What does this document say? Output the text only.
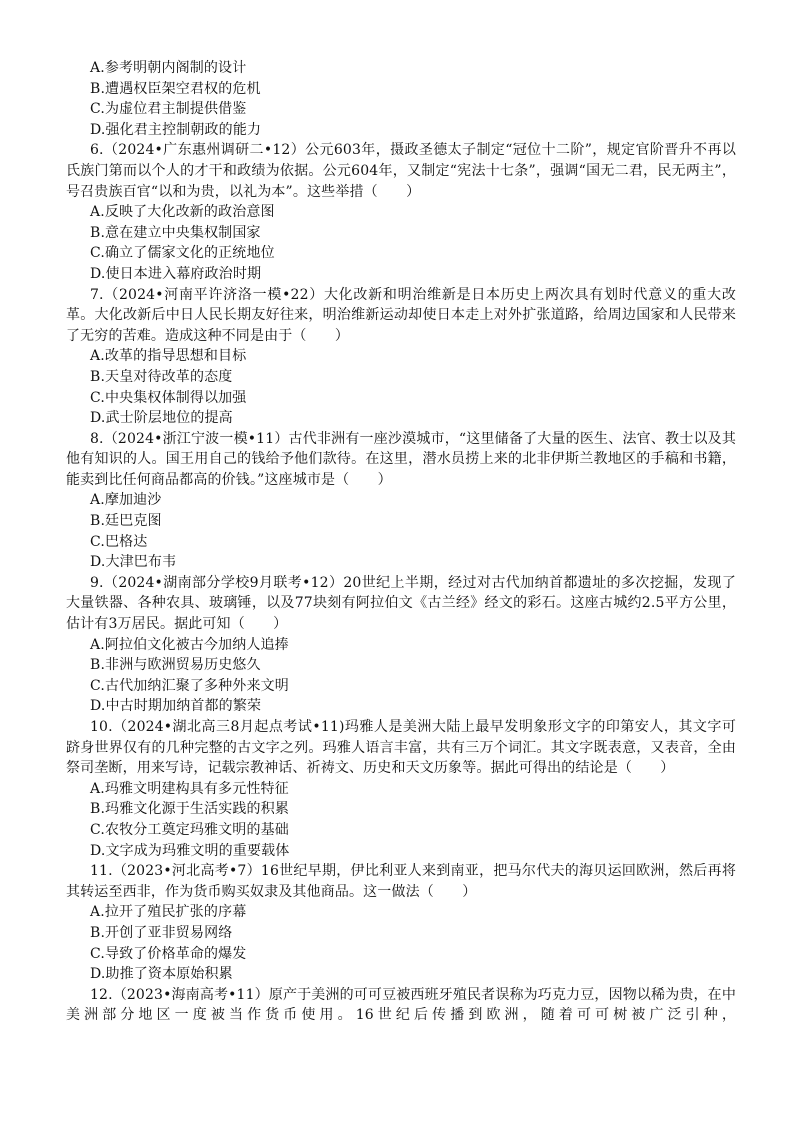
A.参考明朝内阁制的设计
B.遭遇权臣架空君权的危机
C.为虚位君主制提供借鉴
D.强化君主控制朝政的能力
6.（2024•广东惠州调研二•12）公元603年，摄政圣德太子制定“冠位十二阶”，规定官阶晋升不再以氏族门第而以个人的才干和政绩为依据。公元604年，又制定“宪法十七条”，强调“国无二君，民无两主”，号召贵族百官“以和为贵，以礼为本”。这些举措（　　）
A.反映了大化改新的政治意图
B.意在建立中央集权制国家
C.确立了儒家文化的正统地位
D.使日本进入幕府政治时期
7.（2024•河南平许济洛一模•22）大化改新和明治维新是日本历史上两次具有划时代意义的重大改革。大化改新后中日人民长期友好往来，明治维新运动却使日本走上对外扩张道路，给周边国家和人民带来了无穷的苦难。造成这种不同是由于（　　）
A.改革的指导思想和目标
B.天皇对待改革的态度
C.中央集权体制得以加强
D.武士阶层地位的提高
8.（2024•浙江宁波一模•11）古代非洲有一座沙漠城市，“这里储备了大量的医生、法官、教士以及其他有知识的人。国王用自己的钱给予他们款待。在这里，潜水员捞上来的北非伊斯兰教地区的手稿和书籍，能卖到比任何商品都高的价钱。”这座城市是（　　）
A.摩加迪沙
B.廷巴克图
C.巴格达
D.大津巴布韦
9.（2024•湖南部分学校9月联考•12）20世纪上半期，经过对古代加纳首都遗址的多次挖掘，发现了大量铁器、各种农具、玻璃锤，以及77块刻有阿拉伯文《古兰经》经文的彩石。这座古城约2.5平方公里，估计有3万居民。据此可知（　　）
A.阿拉伯文化被古今加纳人追捧
B.非洲与欧洲贸易历史悠久
C.古代加纳汇聚了多种外来文明
D.中古时期加纳首都的繁荣
10.（2024•湖北高三8月起点考试•11)玛雅人是美洲大陆上最早发明象形文字的印第安人，其文字可跻身世界仅有的几种完整的古文字之列。玛雅人语言丰富，共有三万个词汇。其文字既表意，又表音，全由祭司垄断，用来写诗，记载宗教神话、祈祷文、历史和天文历象等。据此可得出的结论是（　　）
A.玛雅文明建构具有多元性特征
B.玛雅文化源于生活实践的积累
C.农牧分工奠定玛雅文明的基础
D.文字成为玛雅文明的重要载体
11.（2023•河北高考•7）16世纪早期，伊比利亚人来到南亚，把马尔代夫的海贝运回欧洲，然后再将其转运至西非，作为货币购买奴隶及其他商品。这一做法（　　）
A.拉开了殖民扩张的序幕
B.开创了亚非贸易网络
C.导致了价格革命的爆发
D.助推了资本原始积累
12.（2023•海南高考•11）原产于美洲的可可豆被西班牙殖民者误称为巧克力豆，因物以稀为贵，在中美洲部分地区一度被当作货币使用。16世纪后传播到欧洲，随着可可树被广泛引种，
